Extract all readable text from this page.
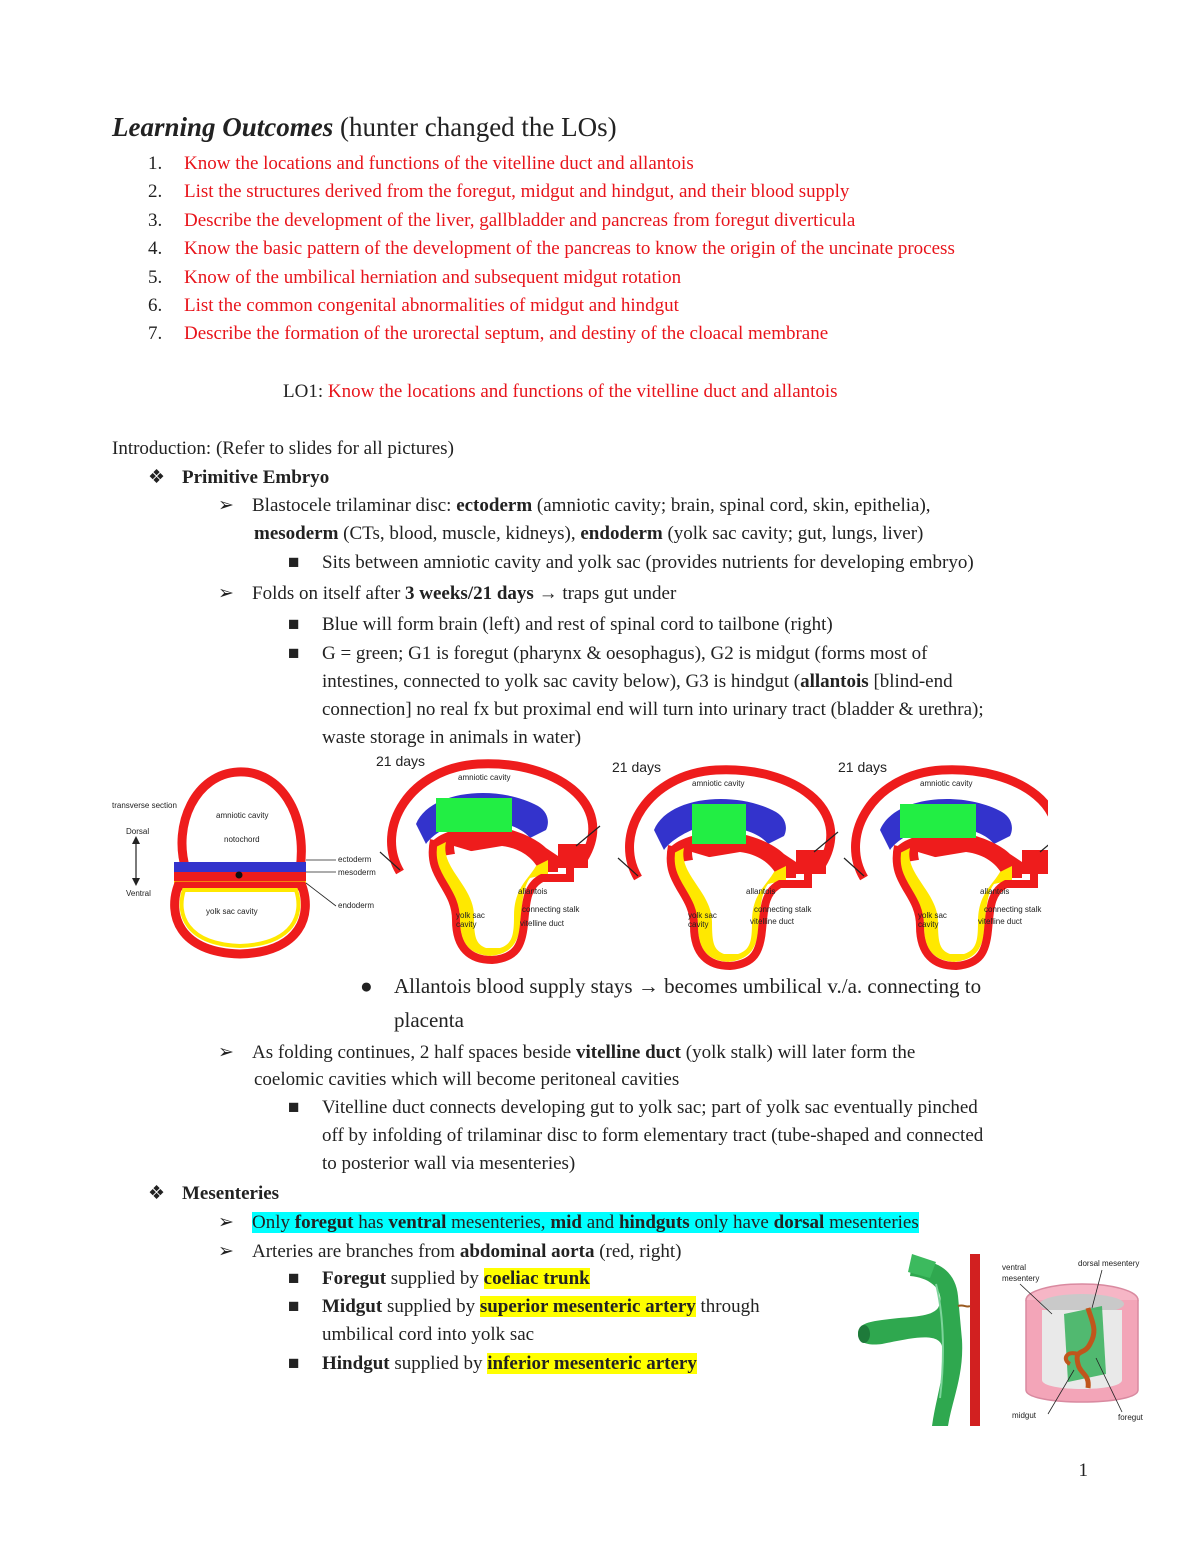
Learning Outcomes (hunter changed the LOs)
1. Know the locations and functions of the vitelline duct and allantois
2. List the structures derived from the foregut, midgut and hindgut, and their blood supply
3. Describe the development of the liver, gallbladder and pancreas from foregut diverticula
4. Know the basic pattern of the development of the pancreas to know the origin of the uncinate process
5. Know of the umbilical herniation and subsequent midgut rotation
6. List the common congenital abnormalities of midgut and hindgut
7. Describe the formation of the urorectal septum, and destiny of the cloacal membrane
LO1: Know the locations and functions of the vitelline duct and allantois
Introduction: (Refer to slides for all pictures)
❖ Primitive Embryo
➢ Blastocele trilaminar disc: ectoderm (amniotic cavity; brain, spinal cord, skin, epithelia),
mesoderm (CTs, blood, muscle, kidneys), endoderm (yolk sac cavity; gut, lungs, liver)
■ Sits between amniotic cavity and yolk sac (provides nutrients for developing embryo)
➢ Folds on itself after 3 weeks/21 days → traps gut under
■ Blue will form brain (left) and rest of spinal cord to tailbone (right)
■ G = green; G1 is foregut (pharynx & oesophagus), G2 is midgut (forms most of
intestines, connected to yolk sac cavity below), G3 is hindgut (allantois [blind-end
connection] no real fx but proximal end will turn into urinary tract (bladder & urethra);
waste storage in animals in water)
transverse section
Dorsal
Ventral
amniotic cavity
notochord
yolk sac cavity
ectoderm
mesoderm
endoderm
21 days
amniotic cavity
allantois
connecting stalk
yolk sac
cavity	vitelline duct
21 days
amniotic cavity
allantois
connecting stalk
yolk sac
cavity	vitelline duct
21 days
amniotic cavity
allantois
connecting stalk
yolk sac
cavity	vitelline duct
● Allantois blood supply stays → becomes umbilical v./a. connecting to
placenta
➢ As folding continues, 2 half spaces beside vitelline duct (yolk stalk) will later form the
coelomic cavities which will become peritoneal cavities
■ Vitelline duct connects developing gut to yolk sac; part of yolk sac eventually pinched
off by infolding of trilaminar disc to form elementary tract (tube-shaped and connected
to posterior wall via mesenteries)
❖ Mesenteries
➢ Only foregut has ventral mesenteries, mid and hindguts only have dorsal mesenteries
➢ Arteries are branches from abdominal aorta (red, right)
■ Foregut supplied by coeliac trunk
■ Midgut supplied by superior mesenteric artery through
umbilical cord into yolk sac
■ Hindgut supplied by inferior mesenteric artery
ventral
mesentery
dorsal mesentery
midgut	foregut
1
